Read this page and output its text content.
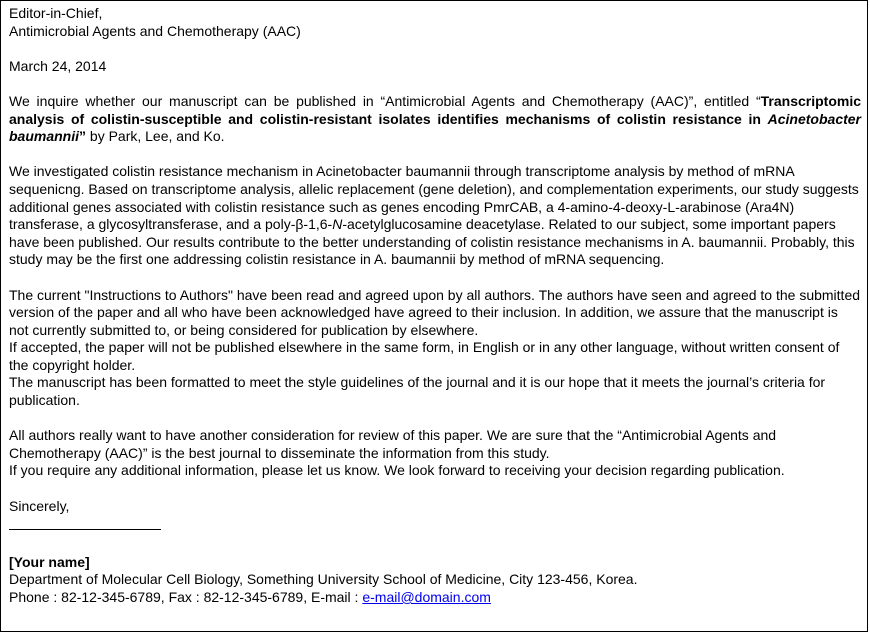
Editor-in-Chief,

Antimicrobial Agents and Chemotherapy (AAC)

March 24, 2014

We inquire whether our manuscript can be published in “Antimicrobial Agents and Chemotherapy (AAC)”, entitled “Transcriptomic analysis of colistin-susceptible and colistin-resistant isolates identifies mechanisms of colistin resistance in Acinetobacter baumannii” by Park, Lee, and Ko.

We investigated colistin resistance mechanism in Acinetobacter baumannii through transcriptome analysis by method of mRNA sequenicng. Based on transcriptome analysis, allelic replacement (gene deletion), and complementation experiments, our study suggests additional genes associated with colistin resistance such as genes encoding PmrCAB, a 4-amino-4-deoxy-L-arabinose (Ara4N) transferase, a glycosyltransferase, and a poly-β-1,6-N-acetylglucosamine deacetylase. Related to our subject, some important papers have been published. Our results contribute to the better understanding of colistin resistance mechanisms in A. baumannii. Probably, this study may be the first one addressing colistin resistance in A. baumannii by method of mRNA sequencing.

The current "Instructions to Authors" have been read and agreed upon by all authors. The authors have seen and agreed to the submitted version of the paper and all who have been acknowledged have agreed to their inclusion. In addition, we assure that the manuscript is not currently submitted to, or being considered for publication by elsewhere.

If accepted, the paper will not be published elsewhere in the same form, in English or in any other language, without written consent of the copyright holder.

The manuscript has been formatted to meet the style guidelines of the journal and it is our hope that it meets the journal’s criteria for publication.

All authors really want to have another consideration for review of this paper. We are sure that the “Antimicrobial Agents and Chemotherapy (AAC)” is the best journal to disseminate the information from this study.

If you require any additional information, please let us know. We look forward to receiving your decision regarding publication.

Sincerely,

[Your name]

Department of Molecular Cell Biology, Something University School of Medicine, City 123-456, Korea.

Phone : 82-12-345-6789, Fax : 82-12-345-6789, E-mail : e-mail@domain.com
